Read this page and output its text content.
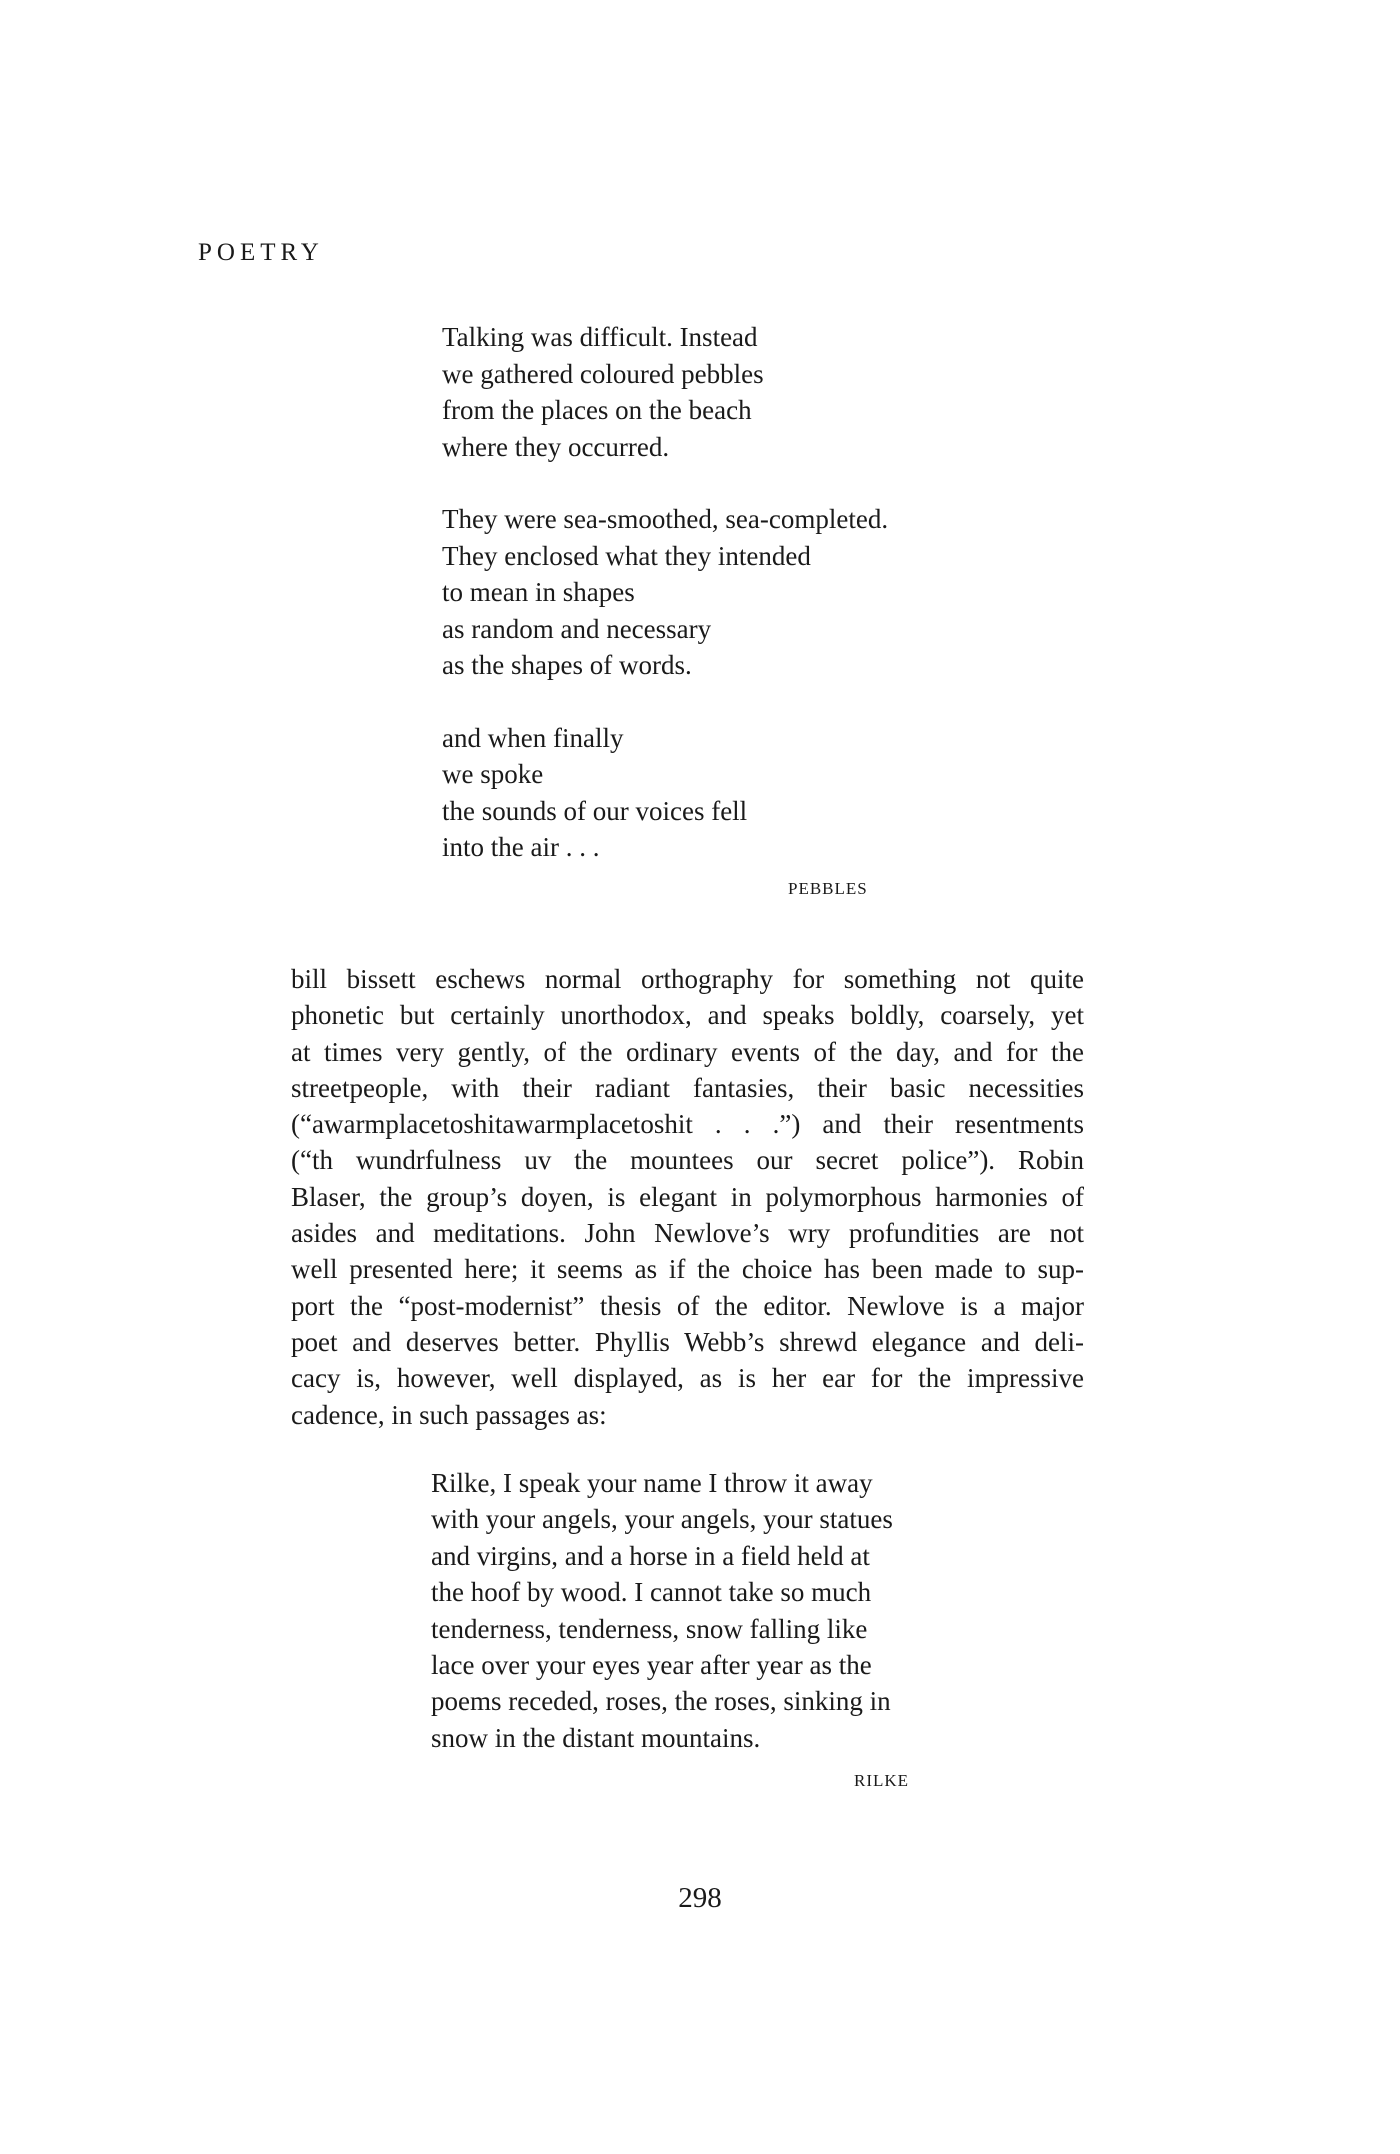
POETRY
Talking was difficult. Instead
we gathered coloured pebbles
from the places on the beach
where they occurred.
They were sea-smoothed, sea-completed.
They enclosed what they intended
to mean in shapes
as random and necessary
as the shapes of words.
and when finally
we spoke
the sounds of our voices fell
into the air . . .
PEBBLES
bill bissett eschews normal orthography for something not quite
phonetic but certainly unorthodox, and speaks boldly, coarsely, yet
at times very gently, of the ordinary events of the day, and for the
streetpeople, with their radiant fantasies, their basic necessities
(“awarmplacetoshitawarmplacetoshit . . .”) and their resentments
(“th wundrfulness uv the mountees our secret police”). Robin
Blaser, the group’s doyen, is elegant in polymorphous harmonies of
asides and meditations. John Newlove’s wry profundities are not
well presented here; it seems as if the choice has been made to sup-
port the “post-modernist” thesis of the editor. Newlove is a major
poet and deserves better. Phyllis Webb’s shrewd elegance and deli-
cacy is, however, well displayed, as is her ear for the impressive
cadence, in such passages as:
Rilke, I speak your name I throw it away
with your angels, your angels, your statues
and virgins, and a horse in a field held at
the hoof by wood. I cannot take so much
tenderness, tenderness, snow falling like
lace over your eyes year after year as the
poems receded, roses, the roses, sinking in
snow in the distant mountains.
RILKE
298
